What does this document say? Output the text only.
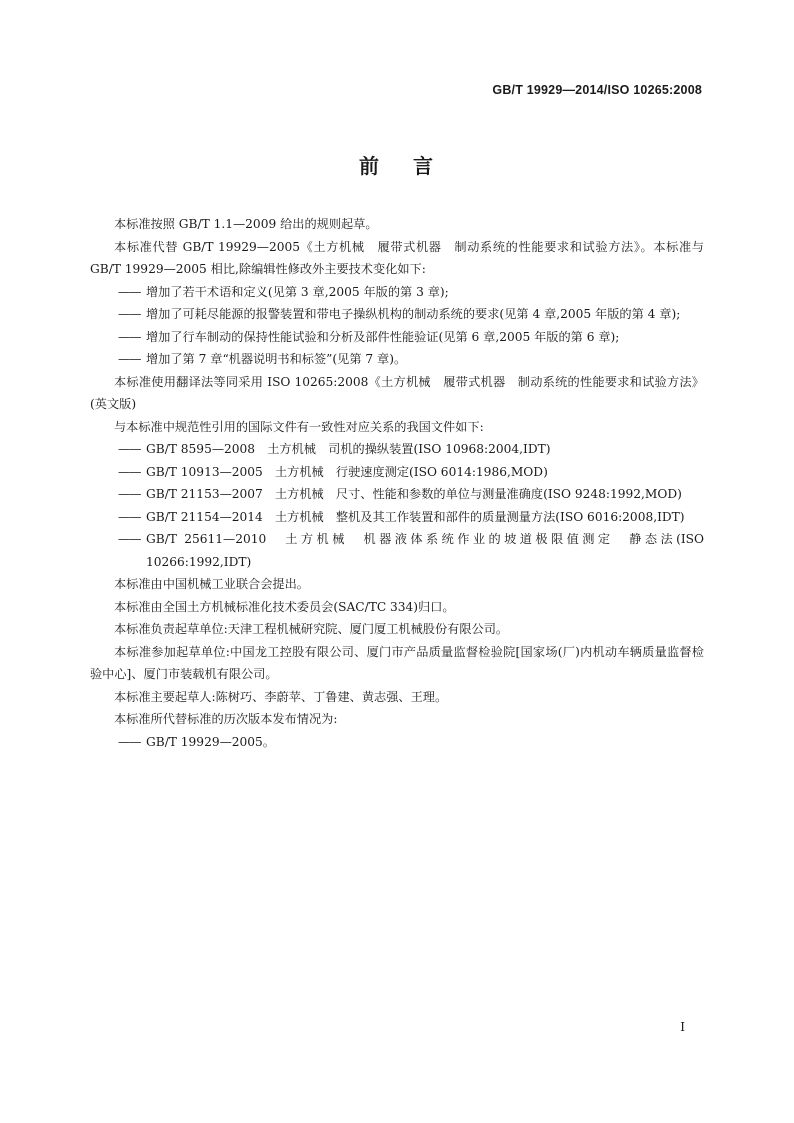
GB/T 19929—2014/ISO 10265:2008
前 言

本标准按照 GB/T 1.1—2009 给出的规则起草。

本标准代替 GB/T 19929—2005《土方机械　履带式机器　制动系统的性能要求和试验方法》。本标准与 GB/T 19929—2005 相比,除编辑性修改外主要技术变化如下:

—— 增加了若干术语和定义(见第 3 章,2005 年版的第 3 章);

—— 增加了可耗尽能源的报警装置和带电子操纵机构的制动系统的要求(见第 4 章,2005 年版的第 4 章);

—— 增加了行车制动的保持性能试验和分析及部件性能验证(见第 6 章,2005 年版的第 6 章);

—— 增加了第 7 章“机器说明书和标签”(见第 7 章)。

本标准使用翻译法等同采用 ISO 10265:2008《土方机械　履带式机器　制动系统的性能要求和试验方法》(英文版)

与本标准中规范性引用的国际文件有一致性对应关系的我国文件如下:

—— GB/T 8595—2008　土方机械　司机的操纵装置(ISO 10968:2004,IDT)

—— GB/T 10913—2005　土方机械　行驶速度测定(ISO 6014:1986,MOD)

—— GB/T 21153—2007　土方机械　尺寸、性能和参数的单位与测量准确度(ISO 9248:1992,MOD)

—— GB/T 21154—2014　土方机械　整机及其工作装置和部件的质量测量方法(ISO 6016:2008,IDT)

—— GB/T 25611—2010　土方机械　机器液体系统作业的坡道极限值测定　静态法(ISO 10266:1992,IDT)

本标准由中国机械工业联合会提出。

本标准由全国土方机械标准化技术委员会(SAC/TC 334)归口。

本标准负责起草单位:天津工程机械研究院、厦门厦工机械股份有限公司。

本标准参加起草单位:中国龙工控股有限公司、厦门市产品质量监督检验院[国家场(厂)内机动车辆质量监督检验中心]、厦门市装载机有限公司。

本标准主要起草人:陈树巧、李蔚苹、丁鲁建、黄志强、王理。

本标准所代替标准的历次版本发布情况为:

—— GB/T 19929—2005。

I
